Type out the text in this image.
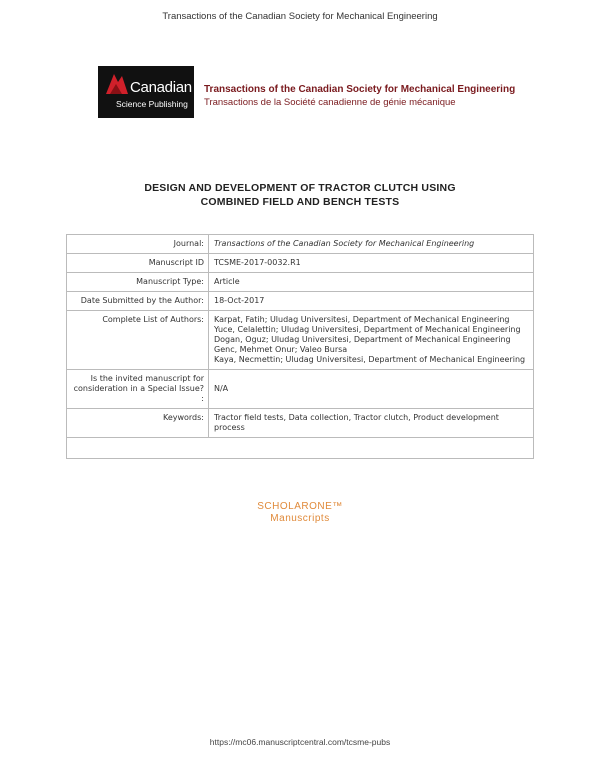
Transactions of the Canadian Society for Mechanical Engineering
Canadian
Science Publishing
Transactions of the Canadian Society for Mechanical Engineering
Transactions de la Société canadienne de génie mécanique
DESIGN AND DEVELOPMENT OF TRACTOR CLUTCH USING
COMBINED FIELD AND BENCH TESTS
Journal:	Transactions of the Canadian Society for Mechanical Engineering
Manuscript ID	TCSME-2017-0032.R1
Manuscript Type:	Article
Date Submitted by the Author:	18-Oct-2017
Complete List of Authors:	Karpat, Fatih; Uludag Universitesi, Department of Mechanical Engineering
Yuce, Celalettin; Uludag Universitesi, Department of Mechanical Engineering
Dogan, Oguz; Uludag Universitesi, Department of Mechanical Engineering
Genc, Mehmet Onur; Valeo Bursa
Kaya, Necmettin; Uludag Universitesi, Department of Mechanical Engineering

Is the invited manuscript for consideration in a Special Issue? :	N/A
Keywords:	Tractor field tests, Data collection, Tractor clutch, Product development process

SCHOLARONE™
Manuscripts
https://mc06.manuscriptcentral.com/tcsme-pubs
